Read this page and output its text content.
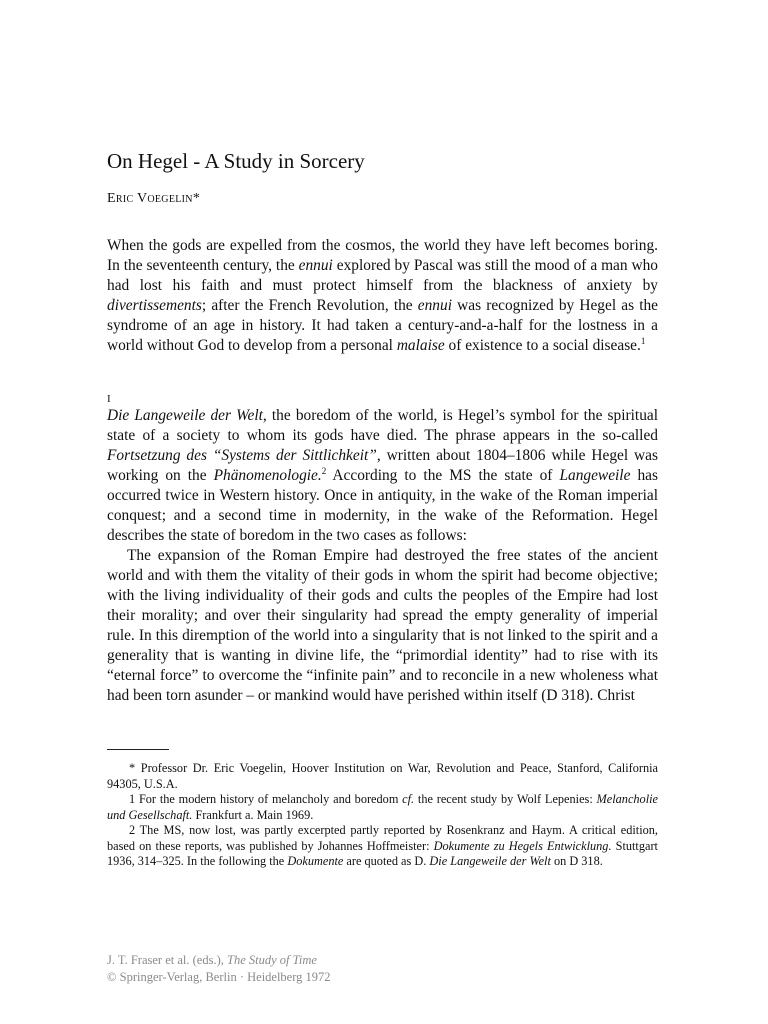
On Hegel - A Study in Sorcery
Eric Voegelin*

When the gods are expelled from the cosmos, the world they have left becomes boring. In the seventeenth century, the ennui explored by Pascal was still the mood of a man who had lost his faith and must protect himself from the blackness of anxiety by divertissements; after the French Revolution, the ennui was recognized by Hegel as the syndrome of an age in history. It had taken a century-and-a-half for the lostness in a world without God to develop from a personal malaise of existence to a social disease.$^1$

I

Die Langeweile der Welt, the boredom of the world, is Hegel’s symbol for the spiritual state of a society to whom its gods have died. The phrase appears in the so-called Fortsetzung des “Systems der Sittlichkeit”, written about 1804–1806 while Hegel was working on the Phänomenologie.$^2$ According to the MS the state of Langeweile has occurred twice in Western history. Once in antiquity, in the wake of the Roman imperial conquest; and a second time in modernity, in the wake of the Reformation. Hegel describes the state of boredom in the two cases as follows:

The expansion of the Roman Empire had destroyed the free states of the ancient world and with them the vitality of their gods in whom the spirit had become objective; with the living individuality of their gods and cults the peoples of the Empire had lost their morality; and over their singularity had spread the empty generality of imperial rule. In this diremption of the world into a singularity that is not linked to the spirit and a generality that is wanting in divine life, the “primordial identity” had to rise with its “eternal force” to overcome the “infinite pain” and to reconcile in a new wholeness what had been torn asunder – or mankind would have perished within itself (D 318). Christ

* Professor Dr. Eric Voegelin, Hoover Institution on War, Revolution and Peace, Stanford, California 94305, U.S.A.

1 For the modern history of melancholy and boredom cf. the recent study by Wolf Lepenies: Melancholie und Gesellschaft. Frankfurt a. Main 1969.

2 The MS, now lost, was partly excerpted partly reported by Rosenkranz and Haym. A critical edition, based on these reports, was published by Johannes Hoffmeister: Dokumente zu Hegels Entwicklung. Stuttgart 1936, 314–325. In the following the Dokumente are quoted as D. Die Langeweile der Welt on D 318.

J. T. Fraser et al. (eds.), The Study of Time
© Springer-Verlag, Berlin · Heidelberg 1972
